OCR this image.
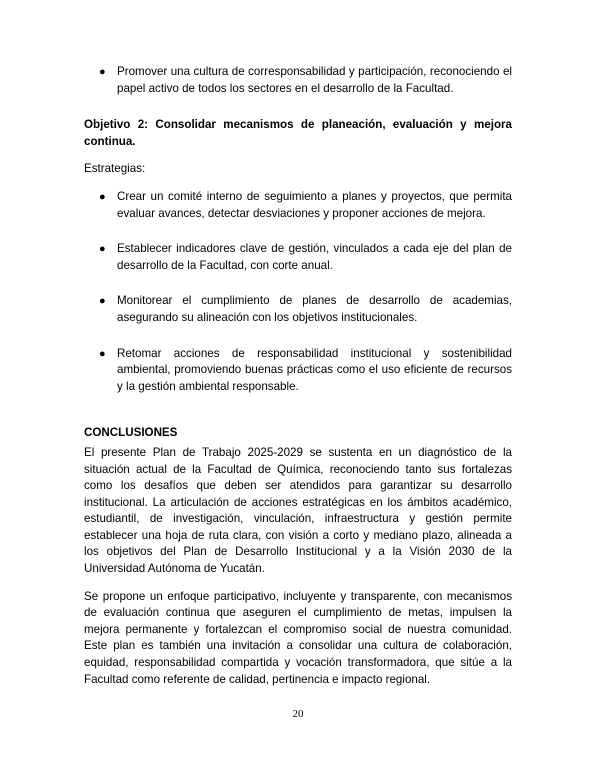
● Promover una cultura de corresponsabilidad y participación, reconociendo el papel activo de todos los sectores en el desarrollo de la Facultad.

Objetivo 2: Consolidar mecanismos de planeación, evaluación y mejora continua.

Estrategias:

● Crear un comité interno de seguimiento a planes y proyectos, que permita evaluar avances, detectar desviaciones y proponer acciones de mejora.

● Establecer indicadores clave de gestión, vinculados a cada eje del plan de desarrollo de la Facultad, con corte anual.

● Monitorear el cumplimiento de planes de desarrollo de academias, asegurando su alineación con los objetivos institucionales.

● Retomar acciones de responsabilidad institucional y sostenibilidad ambiental, promoviendo buenas prácticas como el uso eficiente de recursos y la gestión ambiental responsable.

CONCLUSIONES

El presente Plan de Trabajo 2025-2029 se sustenta en un diagnóstico de la situación actual de la Facultad de Química, reconociendo tanto sus fortalezas como los desafíos que deben ser atendidos para garantizar su desarrollo institucional. La articulación de acciones estratégicas en los ámbitos académico, estudiantil, de investigación, vinculación, infraestructura y gestión permite establecer una hoja de ruta clara, con visión a corto y mediano plazo, alineada a los objetivos del Plan de Desarrollo Institucional y a la Visión 2030 de la Universidad Autónoma de Yucatán.

Se propone un enfoque participativo, incluyente y transparente, con mecanismos de evaluación continua que aseguren el cumplimiento de metas, impulsen la mejora permanente y fortalezcan el compromiso social de nuestra comunidad. Este plan es también una invitación a consolidar una cultura de colaboración, equidad, responsabilidad compartida y vocación transformadora, que sitúe a la Facultad como referente de calidad, pertinencia e impacto regional.

20
